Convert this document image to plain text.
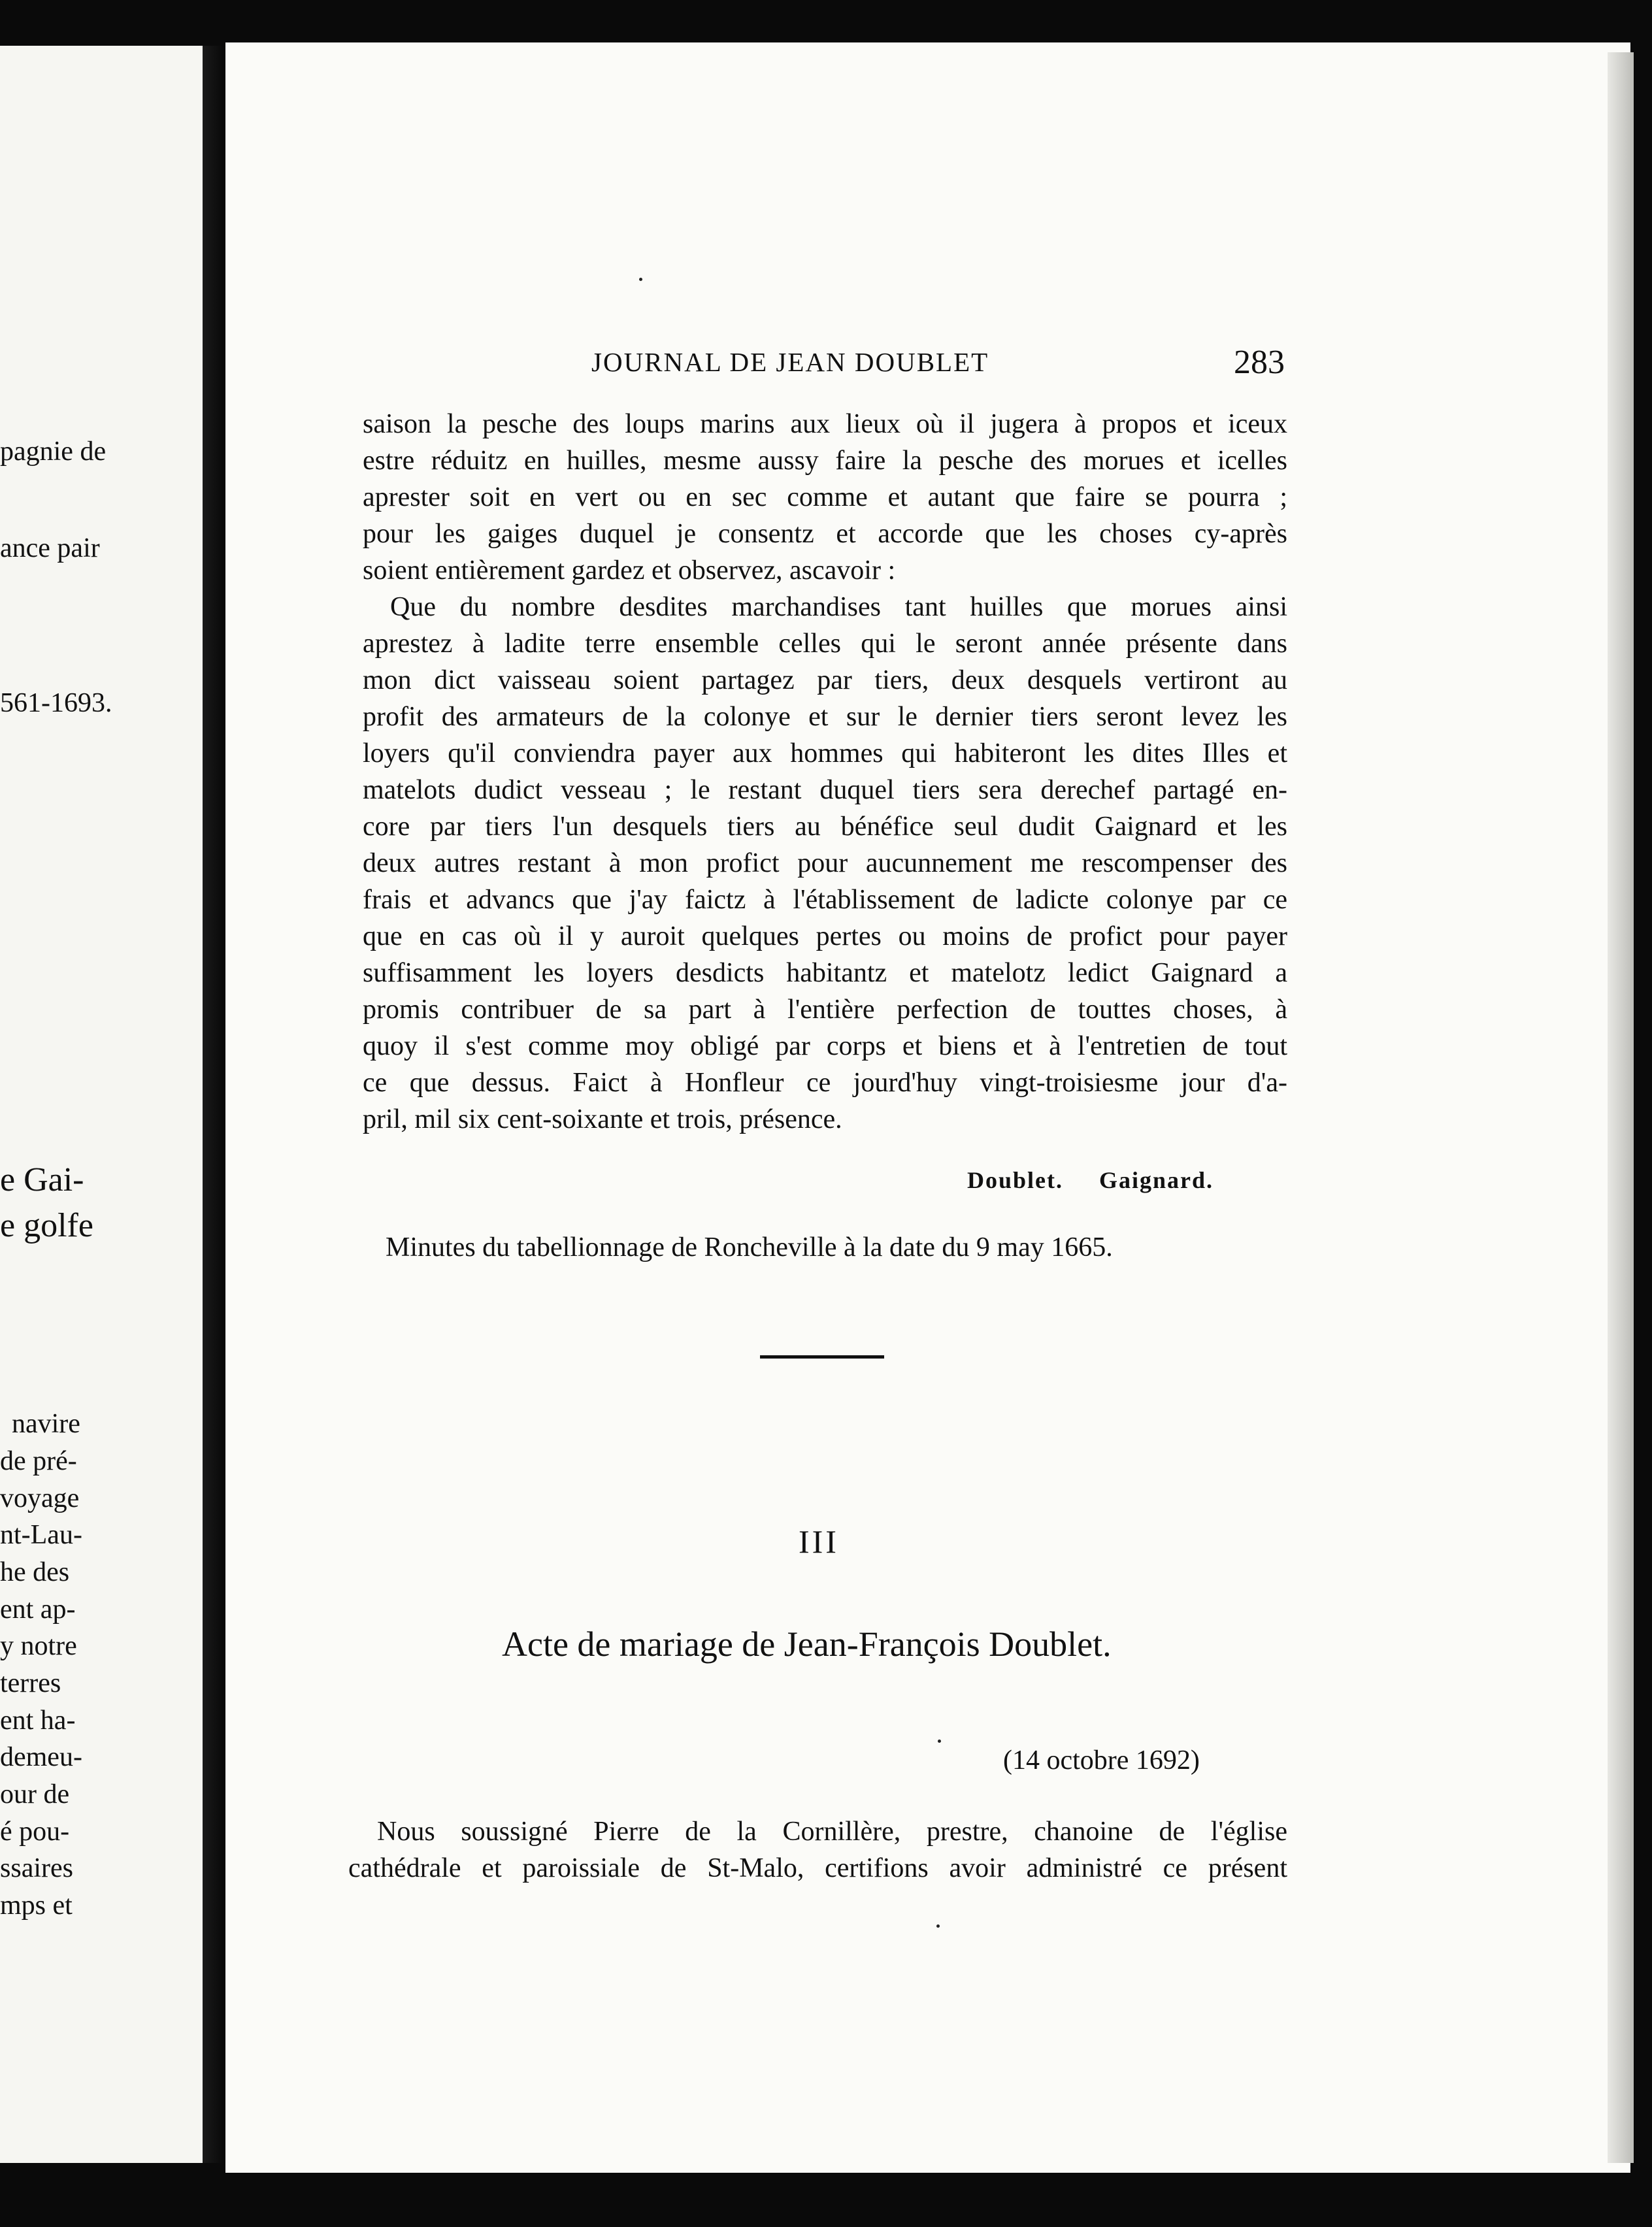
pagnie de
ance pair
561-1693.
e Gai-
e golfe
navire
de pré-
voyage
nt-Lau-
he des
ent ap-
y notre
terres
ent ha-
demeu-
our de
é pou-
ssaires
mps et
JOURNAL DE JEAN DOUBLET	283
saison la pesche des loups marins aux lieux où il jugera à propos et iceux
estre réduitz en huilles, mesme aussy faire la pesche des morues et icelles
aprester soit en vert ou en sec comme et autant que faire se pourra ;
pour les gaiges duquel je consentz et accorde que les choses cy-après
soient entièrement gardez et observez, ascavoir :
Que du nombre desdites marchandises tant huilles que morues ainsi
aprestez à ladite terre ensemble celles qui le seront année présente dans
mon dict vaisseau soient partagez par tiers, deux desquels vertiront au
profit des armateurs de la colonye et sur le dernier tiers seront levez les
loyers qu'il conviendra payer aux hommes qui habiteront les dites Illes et
matelots dudict vesseau ; le restant duquel tiers sera derechef partagé en-
core par tiers l'un desquels tiers au bénéfice seul dudit Gaignard et les
deux autres restant à mon profict pour aucunnement me rescompenser des
frais et advancs que j'ay faictz à l'établissement de ladicte colonye par ce
que en cas où il y auroit quelques pertes ou moins de profict pour payer
suffisamment les loyers desdicts habitantz et matelotz ledict Gaignard a
promis contribuer de sa part à l'entière perfection de touttes choses, à
quoy il s'est comme moy obligé par corps et biens et à l'entretien de tout
ce que dessus. Faict à Honfleur ce jourd'huy vingt-troisiesme jour d'a-
pril, mil six cent-soixante et trois, présence.
Doublet. Gaignard.
Minutes du tabellionnage de Roncheville à la date du 9 may 1665.
III
Acte de mariage de Jean-François Doublet.
(14 octobre 1692)
Nous soussigné Pierre de la Cornillère, prestre, chanoine de l'église
cathédrale et paroissiale de St-Malo, certifions avoir administré ce présent
